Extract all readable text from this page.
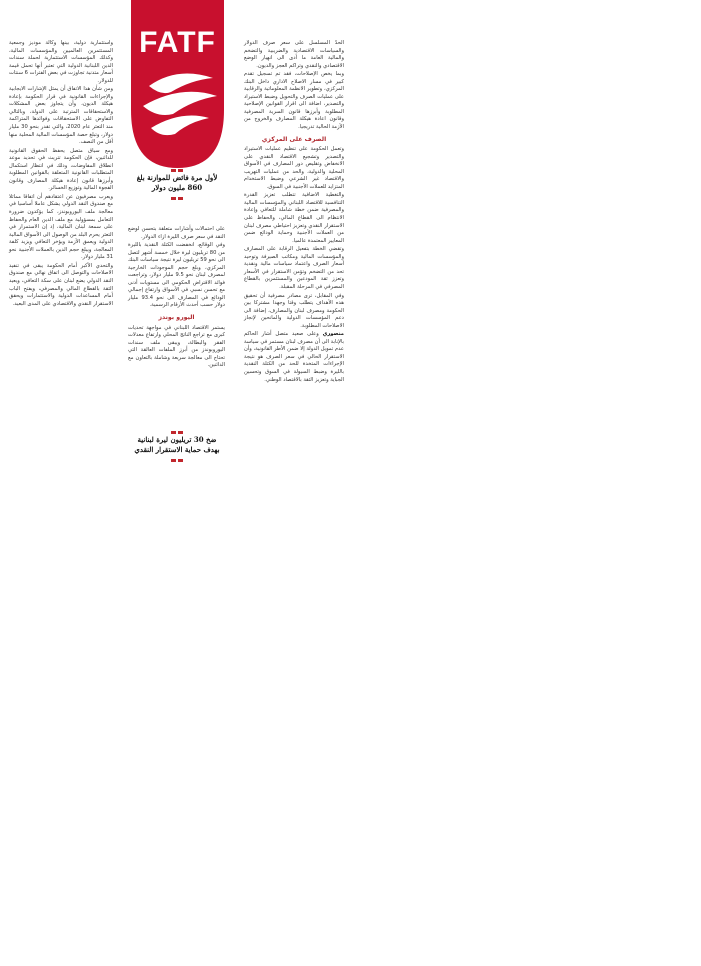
الحدّ المسلسل على سعر صرف الدولار والسياسات الاقتصادية والضريبية والتضخم والمالية العامة ما أدى الى انهيار الوضع الاقتصادي والنقدي وتراكم العجز والديون.

وبما يخص الإصلاحات، فقد تم تسجيل تقدم كبير في مسار الاصلاح الاداري داخل البنك المركزي، وتطوير الانظمة المعلوماتية والرقابية على عمليات الصرف والتحويل وضبط الاستيراد والتصدير، اضافة الى اقرار القوانين الإصلاحية المطلوبة وأبرزها قانون السرية المصرفية وقانون اعادة هيكلة المصارف والخروج من الأزمة الحالية تدريجيا.

الصرف على المركزي

وتعمل الحكومة على تنظيم عمليات الاستيراد والتصدير وتشجيع الاقتصاد النقدي على الانخفاض وتقليص دور المصارف في الأسواق المحلية والدولية، والحد من عمليات التهريب والاقتصاد غير الشرعي وضبط الاستخدام المتزايد للعملات الأجنبية في السوق.

والتغطية الاضافية تتطلب تعزيز القدرة التنافسية للاقتصاد اللبناني والمؤسسات المالية والمصرفية ضمن خطة شاملة للتعافي وإعادة الانتظام الى القطاع المالي، والحفاظ على الاستقرار النقدي وتعزيز احتياطي مصرف لبنان من العملات الأجنبية وحماية الودائع ضمن المعايير المعتمدة عالميا.

وتقضي الخطة بتفعيل الرقابة على المصارف والمؤسسات المالية ومكاتب الصيرفة وتوحيد أسعار الصرف واعتماد سياسات مالية ونقدية تحد من التضخم وتؤمن الاستقرار في الأسعار وتعزز ثقة المودعين والمستثمرين بالقطاع المصرفي في المرحلة المقبلة.

وفي المقابل، ترى مصادر مصرفية أن تحقيق هذه الأهداف يتطلب وقتا وجهدا مشتركا بين الحكومة ومصرف لبنان والمصارف، إضافة الى دعم المؤسسات الدولية والمانحين لإنجاز الاصلاحات المطلوبة.

منصوري وعلى صعيد متصل أشار الحاكم بالإنابة الى أن مصرف لبنان مستمر في سياسة عدم تمويل الدولة إلا ضمن الأطر القانونية، وأن الاستقرار الحالي في سعر الصرف هو نتيجة الإجراءات المتخذة للحد من الكتلة النقدية بالليرة وضبط السيولة في السوق وتحسين الجباية وتعزيز الثقة بالاقتصاد الوطني.

FATF
لأول مرة فائض للموازنة بلغ 860 مليون دولار

على احتمالات وأشارات متعلقة بتحسن لوضع النقد في سعر صرف الليرة ازاء الدولار.

وفي الوقائع، انخفضت الكتلة النقدية بالليرة من 80 تريليون ليرة خلال خمسة أشهر لتصل الى نحو 59 تريليون ليرة نتيجة سياسات البنك المركزي، وبلغ حجم الموجودات الخارجية لمصرف لبنان نحو 9.5 مليار دولار، وتراجعت فوائد الاقتراض الحكومي الى مستويات أدنى مع تحسن نسبي في الأسواق وارتفاع إجمالي الودائع في المصارف الى نحو 93.4 مليار دولار حسب أحدث الأرقام الرسمية.

اليورو بوندز

يستمر الاقتصاد اللبناني في مواجهة تحديات كبرى مع تراجع الناتج المحلي وارتفاع معدلات الفقر والبطالة، ويبقى ملف سندات اليوروبوندز من أبرز الملفات العالقة التي تحتاج الى معالجة سريعة وشاملة بالتعاون مع الدائنين.

ضخ 30 تريليون ليرة لبنانية بهدف حماية الاستقرار النقدي

واستثمارية دولية، بينها وكالة موديز وجمعية المستثمرين العالميين والمؤسسات المالية، وكذلك المؤسسات الاستثمارية لحملة سندات الدين اللبنانية الدولية التي تعتبر أنها تحمل قيمة أسعار متدنية تجاوزت في بعض الفترات 6 سنتات للدولار.

ومن شأن هذا الاتفاق أن يمثل الإشارات الايجابية والإجراءات القانونية في قرار الحكومة بإعادة هيكلة الديون، وأن يتجاوز بعض المشكلات والاستحقاقات المترتبة على الدولة، وبالتالي التفاوض على الاستحقاقات وفوائدها المتراكمة منذ التعثر عام 2020، والتي تقدر بنحو 30 مليار دولار، وتبلغ حصة المؤسسات المالية المحلية منها أقل من النصف.

ومع سياق متصل يحفظ الحقوق القانونية للدائنين، فإن الحكومة تتريث في تحديد موعد انطلاق المفاوضات، وذلك في انتظار استكمال المتطلبات القانونية المتعلقة بالقوانين المطلوبة وأبرزها قانون إعادة هيكلة المصارف وقانون الفجوة المالية وتوزيع الخسائر.

ويعرب مصرفيون عن اعتقادهم أن اتفاقا مماثلا مع صندوق النقد الدولي يشكل عاملا أساسيا في معالجة ملف اليوروبوندز، كما يؤكدون ضرورة التعامل بمسؤولية مع ملف الدين العام والحفاظ على سمعة لبنان المالية، إذ إن الاستمرار في التعثر يحرم البلد من الوصول الى الأسواق المالية الدولية ويعمق الأزمة ويؤخر التعافي ويزيد كلفة المعالجة، ويبلغ حجم الدين بالعملات الأجنبية نحو 31 مليار دولار.

والتحدي الأكبر أمام الحكومة يبقى في تنفيذ الاصلاحات والتوصل الى اتفاق نهائي مع صندوق النقد الدولي يضع لبنان على سكة التعافي، ويعيد الثقة بالقطاع المالي والمصرفي، ويفتح الباب أمام المساعدات الدولية والاستثمارات ويحقق الاستقرار النقدي والاقتصادي على المدى البعيد.
